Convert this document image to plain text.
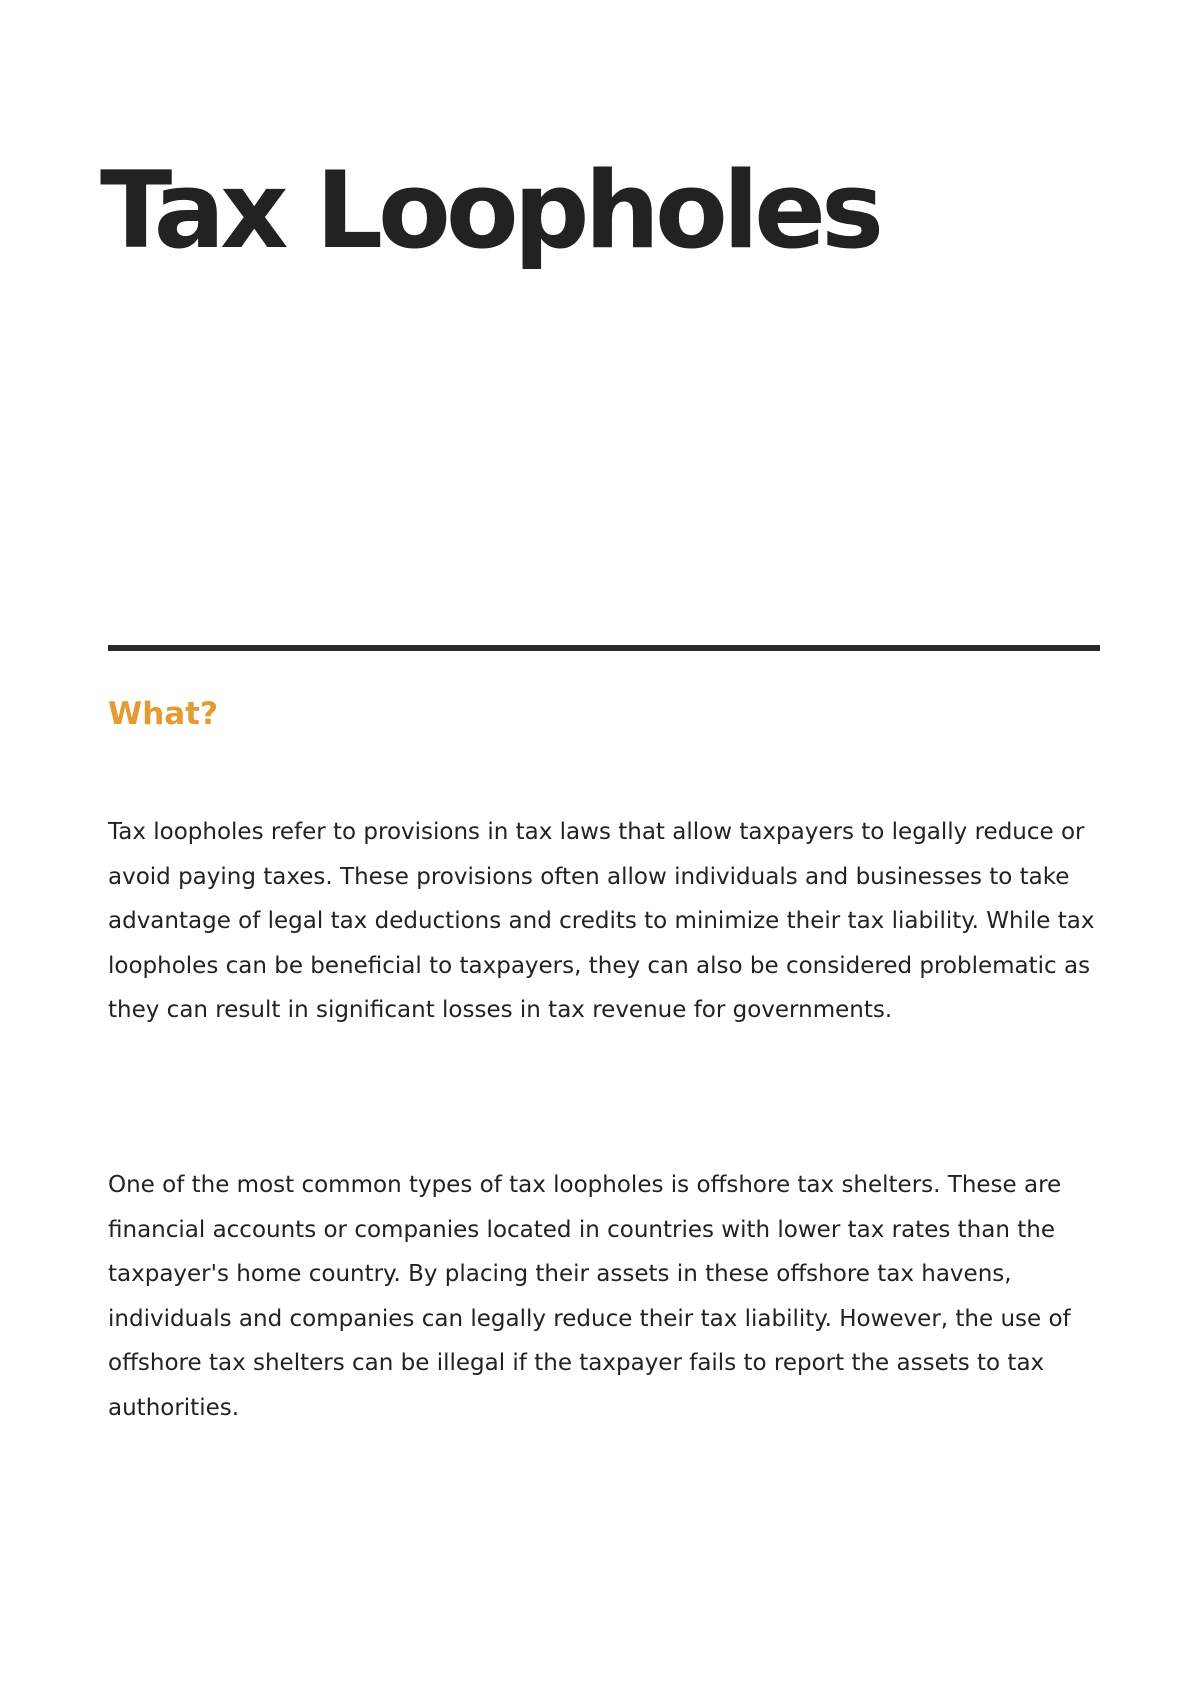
Tax Loopholes
What?

Tax loopholes refer to provisions in tax laws that allow taxpayers to legally reduce or avoid paying taxes. These provisions often allow individuals and businesses to take advantage of legal tax deductions and credits to minimize their tax liability. While tax loopholes can be beneficial to taxpayers, they can also be considered problematic as they can result in significant losses in tax revenue for governments.

One of the most common types of tax loopholes is offshore tax shelters. These are financial accounts or companies located in countries with lower tax rates than the taxpayer's home country. By placing their assets in these offshore tax havens, individuals and companies can legally reduce their tax liability. However, the use of offshore tax shelters can be illegal if the taxpayer fails to report the assets to tax authorities.
